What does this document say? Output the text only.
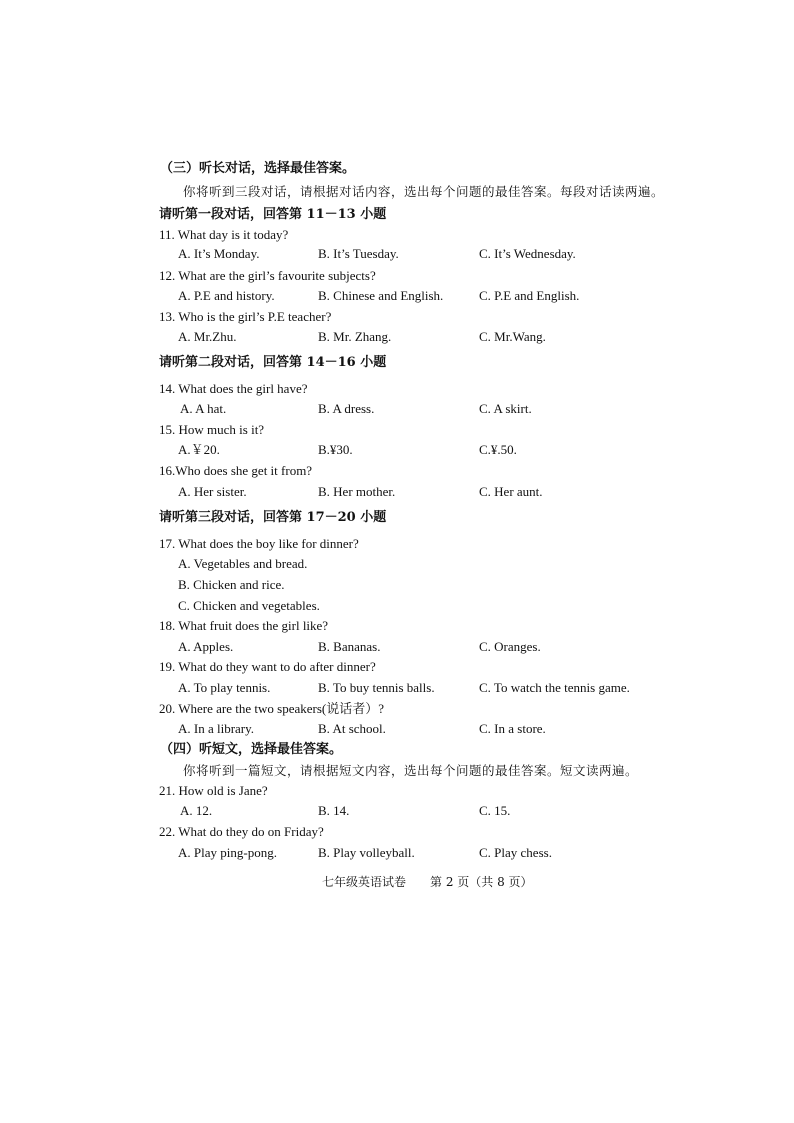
（三）听长对话，选择最佳答案。
你将听到三段对话，请根据对话内容，选出每个问题的最佳答案。每段对话读两遍。
请听第一段对话，回答第 11－13 小题
11. What day is it today?
A. It’s Monday.	B. It’s Tuesday.	C. It’s Wednesday.
12. What are the girl’s favourite subjects?
A. P.E and history.	B. Chinese and English.	C. P.E and English.
13. Who is the girl’s P.E teacher?
A. Mr.Zhu.	B. Mr. Zhang.	C. Mr.Wang.
请听第二段对话，回答第 14－16 小题
14. What does the girl have?
A. A hat.	B. A dress.	C. A skirt.
15. How much is it?
A.￥20.	B.¥30.	C.¥.50.
16.Who does she get it from?
A. Her sister.	B. Her mother.	C. Her aunt.
请听第三段对话，回答第 17－20 小题
17. What does the boy like for dinner?
A. Vegetables and bread.
B. Chicken and rice.
C. Chicken and vegetables.
18. What fruit does the girl like?
A. Apples.	B. Bananas.	C. Oranges.
19. What do they want to do after dinner?
A. To play tennis.	B. To buy tennis balls.	C. To watch the tennis game.
20. Where are the two speakers(说话者）?
A. In a library.	B. At school.	C. In a store.
（四）听短文，选择最佳答案。
你将听到一篇短文，请根据短文内容，选出每个问题的最佳答案。短文读两遍。
21. How old is Jane?
A. 12.	B. 14.	C. 15.
22. What do they do on Friday?
A. Play ping-pong.	B. Play volleyball.	C. Play chess.
七年级英语试卷　　第 2 页（共 8 页）
